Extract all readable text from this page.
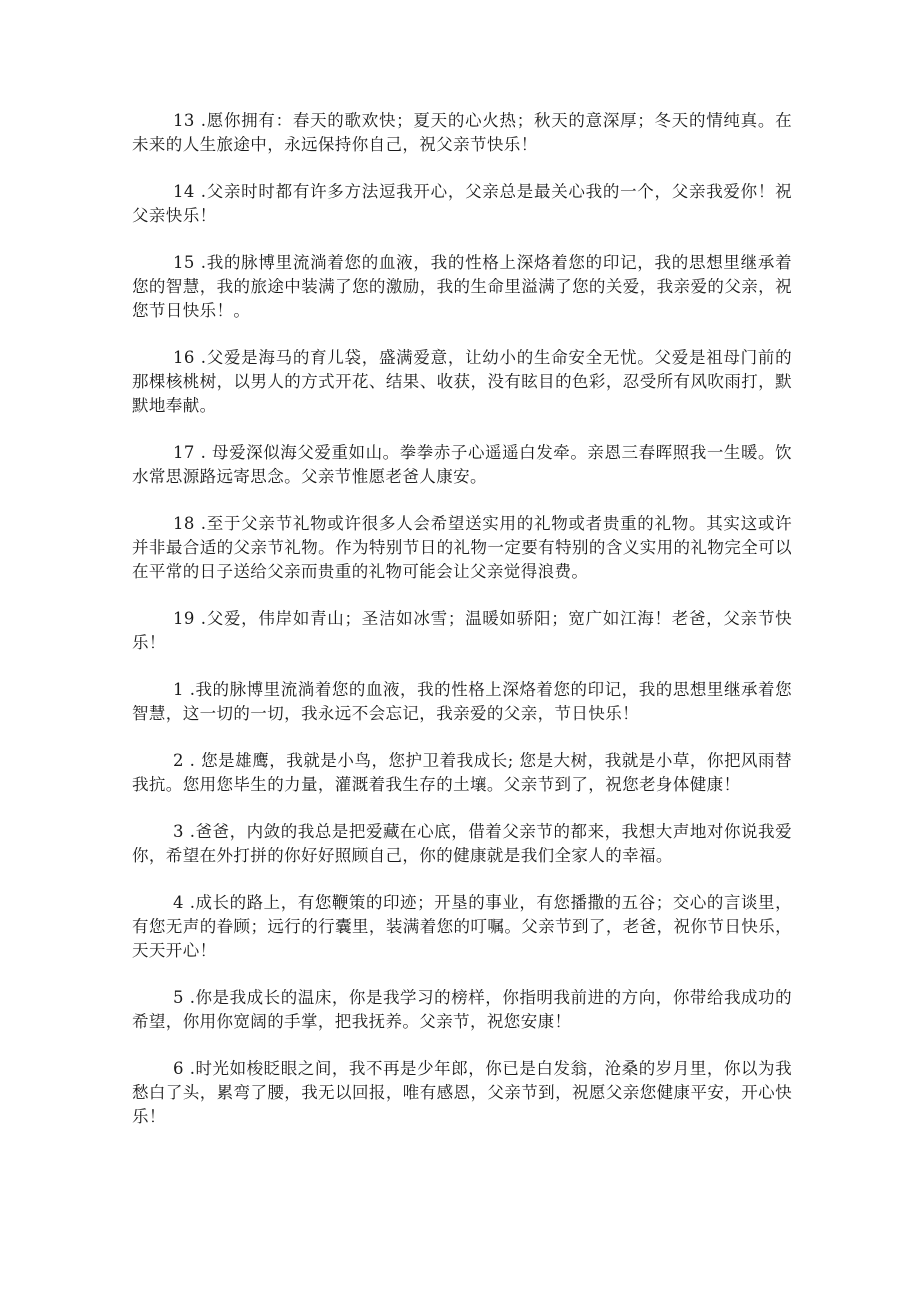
13 .愿你拥有：春天的歌欢快；夏天的心火热；秋天的意深厚；冬天的情纯真。在未来的人生旅途中，永远保持你自己，祝父亲节快乐！

14 .父亲时时都有许多方法逗我开心，父亲总是最关心我的一个，父亲我爱你！祝父亲快乐！

15 .我的脉博里流淌着您的血液，我的性格上深烙着您的印记，我的思想里继承着您的智慧，我的旅途中装满了您的激励，我的生命里溢满了您的关爱，我亲爱的父亲，祝您节日快乐！。

16 .父爱是海马的育儿袋，盛满爱意，让幼小的生命安全无忧。父爱是祖母门前的那棵核桃树，以男人的方式开花、结果、收获，没有眩目的色彩，忍受所有风吹雨打，默默地奉献。

17 . 母爱深似海父爱重如山。拳拳赤子心遥遥白发牵。亲恩三春晖照我一生暖。饮水常思源路远寄思念。父亲节惟愿老爸人康安。

18 .至于父亲节礼物或许很多人会希望送实用的礼物或者贵重的礼物。其实这或许并非最合适的父亲节礼物。作为特别节日的礼物一定要有特别的含义实用的礼物完全可以在平常的日子送给父亲而贵重的礼物可能会让父亲觉得浪费。

19 .父爱，伟岸如青山；圣洁如冰雪；温暖如骄阳；宽广如江海！老爸，父亲节快乐！

1 .我的脉博里流淌着您的血液，我的性格上深烙着您的印记，我的思想里继承着您智慧，这一切的一切，我永远不会忘记，我亲爱的父亲，节日快乐！

2 . 您是雄鹰，我就是小鸟，您护卫着我成长; 您是大树，我就是小草，你把风雨替我抗。您用您毕生的力量，灌溉着我生存的土壤。父亲节到了，祝您老身体健康！

3 .爸爸，内敛的我总是把爱藏在心底，借着父亲节的都来，我想大声地对你说我爱你，希望在外打拼的你好好照顾自己，你的健康就是我们全家人的幸福。

4 .成长的路上，有您鞭策的印迹；开垦的事业，有您播撒的五谷；交心的言谈里，有您无声的眷顾；远行的行囊里，装满着您的叮嘱。父亲节到了，老爸，祝你节日快乐，天天开心！

5 .你是我成长的温床，你是我学习的榜样，你指明我前进的方向，你带给我成功的希望，你用你宽阔的手掌，把我抚养。父亲节，祝您安康！

6 .时光如梭眨眼之间，我不再是少年郎，你已是白发翁，沧桑的岁月里，你以为我愁白了头，累弯了腰，我无以回报，唯有感恩，父亲节到，祝愿父亲您健康平安，开心快乐！
